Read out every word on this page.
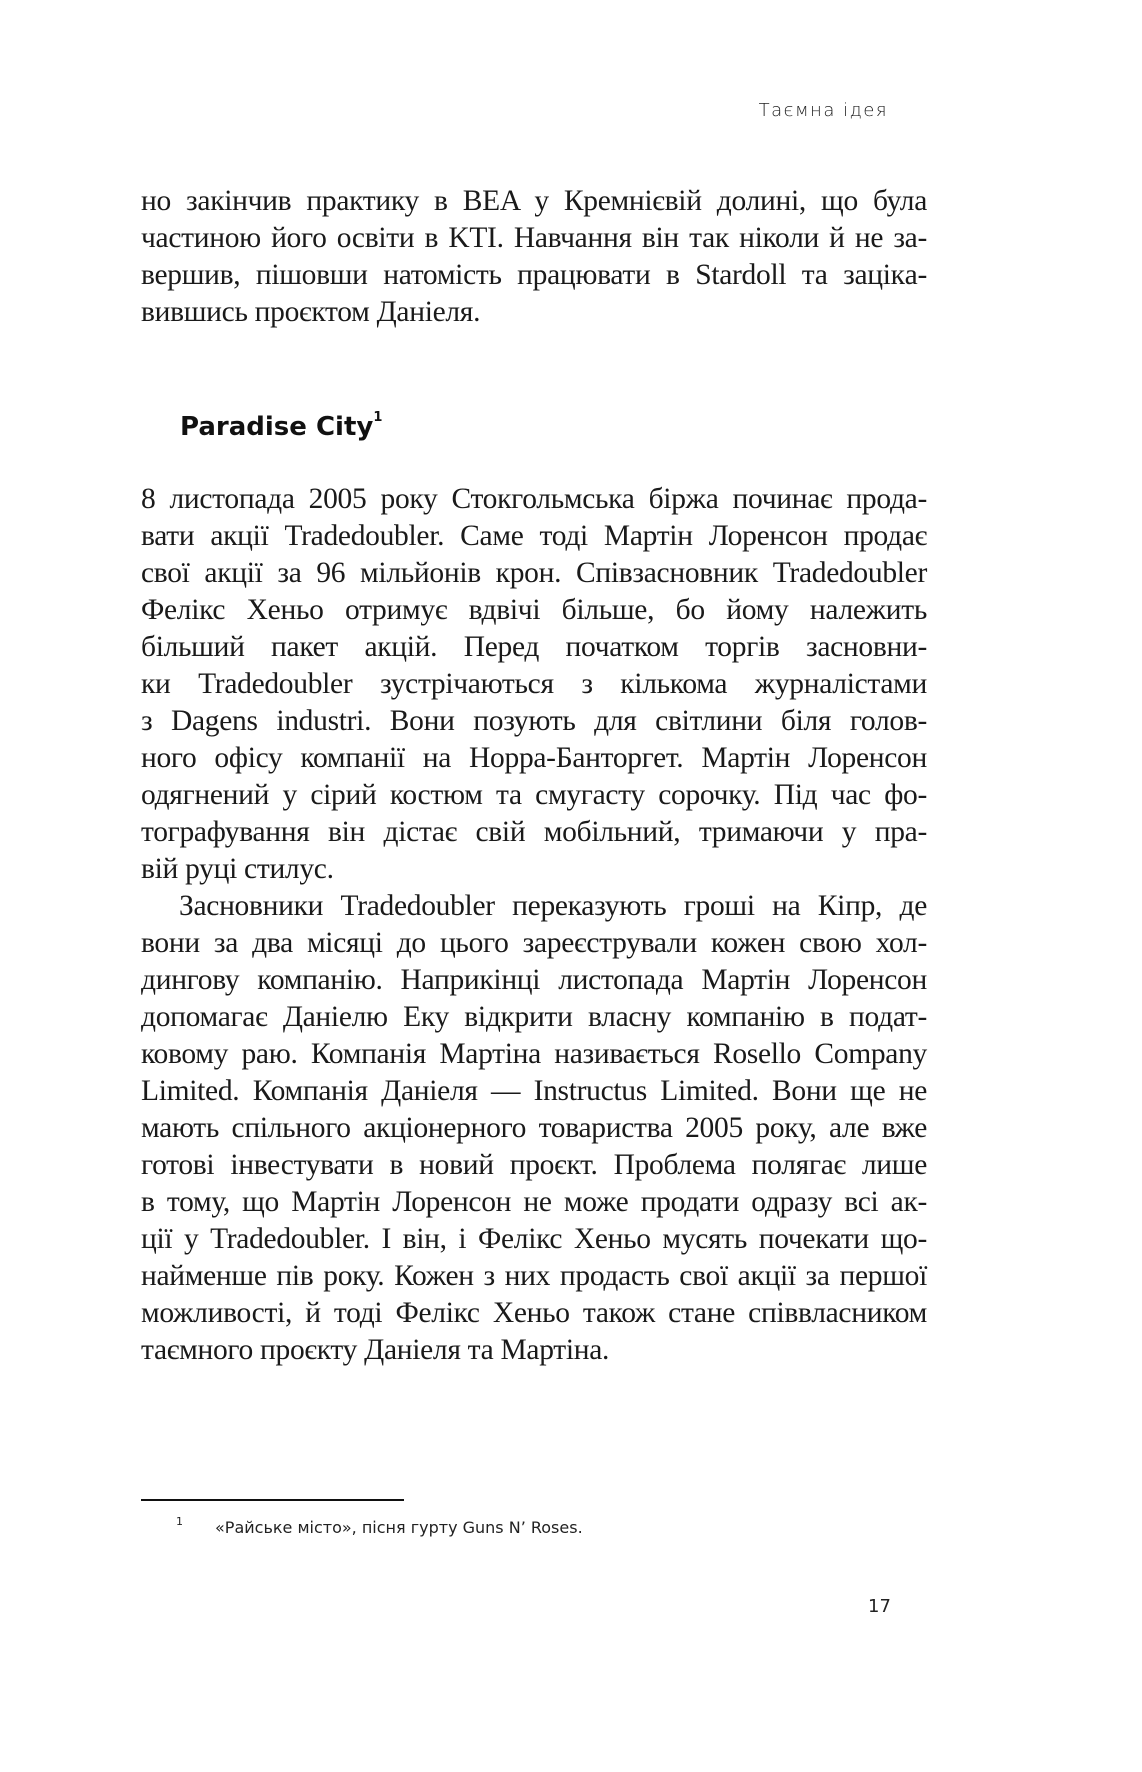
Таємна ідея
но закінчив практику в BEA у Кремнієвій долині, що була
частиною його освіти в KTI. Навчання він так ніколи й не за-
вершив, пішовши натомість працювати в Stardoll та зацікa-
вившись проєктом Даніеля.
Paradise City$^1$
8 листопада 2005 року Стокгольмська біржа починає прода-
вати акції Tradedoubler. Саме тоді Мартін Лоренсон продає
свої акції за 96 мільйонів крон. Співзасновник Tradedoubler
Фелікс Хеньо отримує вдвічі більше, бо йому належить
більший пакет акцій. Перед початком торгів засновни-
ки Tradedoubler зустрічаються з кількома журналістами
з Dagens industri. Вони позують для світлини біля голов-
ного офісу компанії на Норра-Банторгет. Мартін Лоренсон
одягнений у сірий костюм та смугасту сорочку. Під час фо-
тографування він дістає свій мобільний, тримаючи у пра-
вій руці стилус.
Засновники Tradedoubler переказують гроші на Кіпр, де
вони за два місяці до цього зареєстрували кожен свою хол-
дингову компанію. Наприкінці листопада Мартін Лоренсон
допомагає Даніелю Еку відкрити власну компанію в подат-
ковому раю. Компанія Мартіна називається Rosello Company
Limited. Компанія Даніеля — Instructus Limited. Вони ще не
мають спільного акціонерного товариства 2005 року, але вже
готові інвестувати в новий проєкт. Проблема полягає лише
в тому, що Мартін Лоренсон не може продати одразу всі ак-
ції у Tradedoubler. І він, і Фелікс Хеньо мусять почекати що-
найменше пів року. Кожен з них продасть свої акції за першої
можливості, й тоді Фелікс Хеньо також стане співвласником
таємного проєкту Даніеля та Мартіна.
1 «Райське місто», пісня гурту Guns N’ Roses.
17
